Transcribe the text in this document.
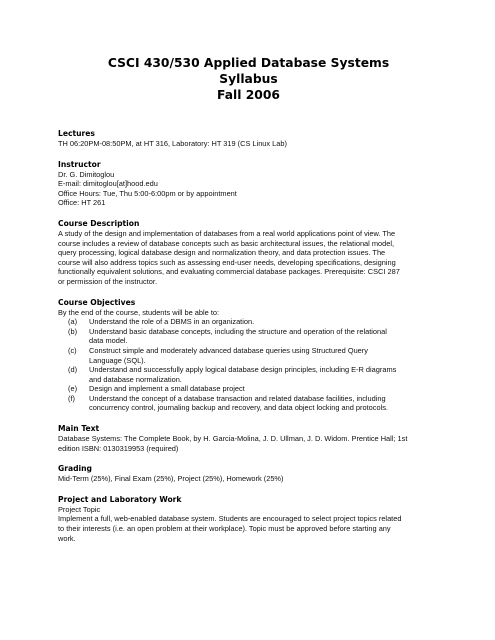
CSCI 430/530 Applied Database Systems
Syllabus
Fall 2006
Lectures
TH 06:20PM-08:50PM, at HT 316, Laboratory: HT 319 (CS Linux Lab)
Instructor
Dr. G. Dimitoglou
E-mail: dimitoglou[at]hood.edu
Office Hours: Tue, Thu 5:00-6:00pm or by appointment
Office: HT 261
Course Description
A study of the design and implementation of databases from a real world applications point of view. The
course includes a review of database concepts such as basic architectural issues, the relational model,
query processing, logical database design and normalization theory, and data protection issues. The
course will also address topics such as assessing end-user needs, developing specifications, designing
functionally equivalent solutions, and evaluating commercial database packages. Prerequisite: CSCI 287
or permission of the instructor.
Course Objectives
By the end of the course, students will be able to:
(a)	Understand the role of a DBMS in an organization.
(b)	Understand basic database concepts, including the structure and operation of the relational
data model.
(c)	Construct simple and moderately advanced database queries using Structured Query
Language (SQL).
(d)	Understand and successfully apply logical database design principles, including E-R diagrams
and database normalization.
(e)	Design and implement a small database project
(f)	Understand the concept of a database transaction and related database facilities, including
concurrency control, journaling backup and recovery, and data object locking and protocols.
Main Text
Database Systems: The Complete Book, by H. Garcia-Molina, J. D. Ullman, J. D. Widom. Prentice Hall; 1st
edition ISBN: 0130319953 (required)
Grading
Mid-Term (25%), Final Exam (25%), Project (25%), Homework (25%)
Project and Laboratory Work
Project Topic
Implement a full, web-enabled database system. Students are encouraged to select project topics related
to their interests (i.e. an open problem at their workplace). Topic must be approved before starting any
work.
